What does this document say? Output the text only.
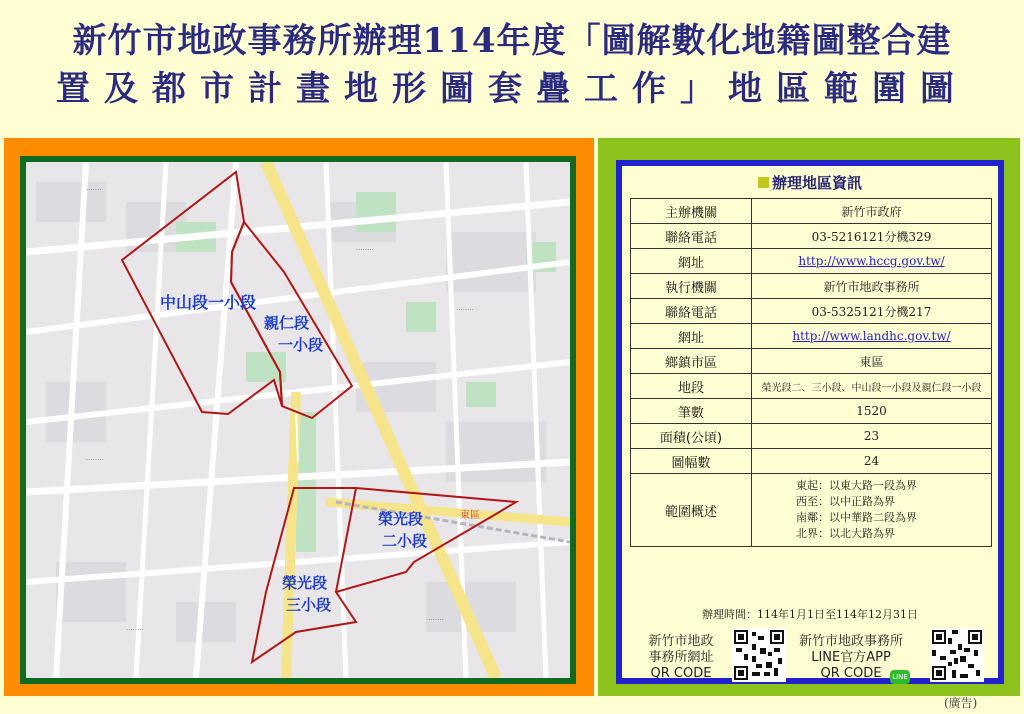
新竹市地政事務所辦理114年度「圖解數化地籍圖整合建
置及都市計畫地形圖套疊工作」地區範圍圖
·······
········
········
········
········
········
中山段一小段
親仁段
一小段
榮光段
二小段
榮光段
三小段
東區
辦理地區資訊
主辦機關	新竹市政府
聯絡電話	03-5216121分機329
網址	http://www.hccg.gov.tw/
執行機關	新竹市地政事務所
聯絡電話	03-5325121分機217
網址	http://www.landhc.gov.tw/
鄉鎮市區	東區
地段	榮光段二、三小段、中山段一小段及親仁段一小段
筆數	1520
面積(公頃)	23
圖幅數	24
範圍概述	東起：以東大路一段為界
西至：以中正路為界
南鄰：以中華路二段為界
北界：以北大路為界
辦理時間：114年1月1日至114年12月31日
新竹市地政
事務所網址
QR CODE
新竹市地政事務所
LINE官方APP
QR CODE	LINE
(廣告)
